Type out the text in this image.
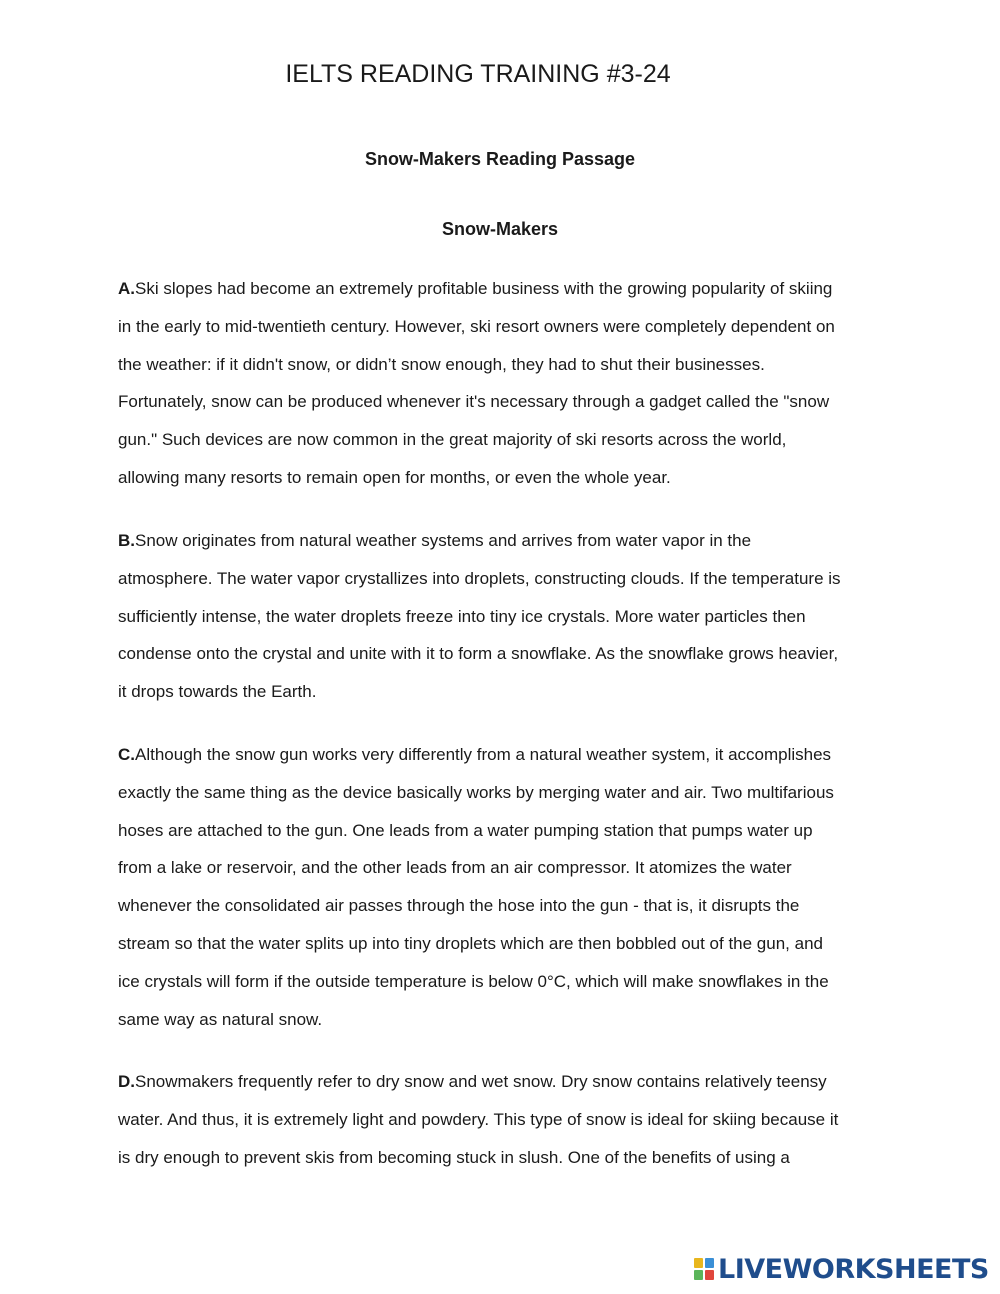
IELTS READING TRAINING #3-24
Snow-Makers Reading Passage
Snow-Makers

A.Ski slopes had become an extremely profitable business with the growing popularity of skiing
in the early to mid-twentieth century. However, ski resort owners were completely dependent on
the weather: if it didn't snow, or didn’t snow enough, they had to shut their businesses.
Fortunately, snow can be produced whenever it's necessary through a gadget called the "snow
gun." Such devices are now common in the great majority of ski resorts across the world,
allowing many resorts to remain open for months, or even the whole year.

B.Snow originates from natural weather systems and arrives from water vapor in the
atmosphere. The water vapor crystallizes into droplets, constructing clouds. If the temperature is
sufficiently intense, the water droplets freeze into tiny ice crystals. More water particles then
condense onto the crystal and unite with it to form a snowflake. As the snowflake grows heavier,
it drops towards the Earth.

C.Although the snow gun works very differently from a natural weather system, it accomplishes
exactly the same thing as the device basically works by merging water and air. Two multifarious
hoses are attached to the gun. One leads from a water pumping station that pumps water up
from a lake or reservoir, and the other leads from an air compressor. It atomizes the water
whenever the consolidated air passes through the hose into the gun - that is, it disrupts the
stream so that the water splits up into tiny droplets which are then bobbled out of the gun, and
ice crystals will form if the outside temperature is below 0°C, which will make snowflakes in the
same way as natural snow.

D.Snowmakers frequently refer to dry snow and wet snow. Dry snow contains relatively teensy
water. And thus, it is extremely light and powdery. This type of snow is ideal for skiing because it
is dry enough to prevent skis from becoming stuck in slush. One of the benefits of using a

LIVEWORKSHEETS
